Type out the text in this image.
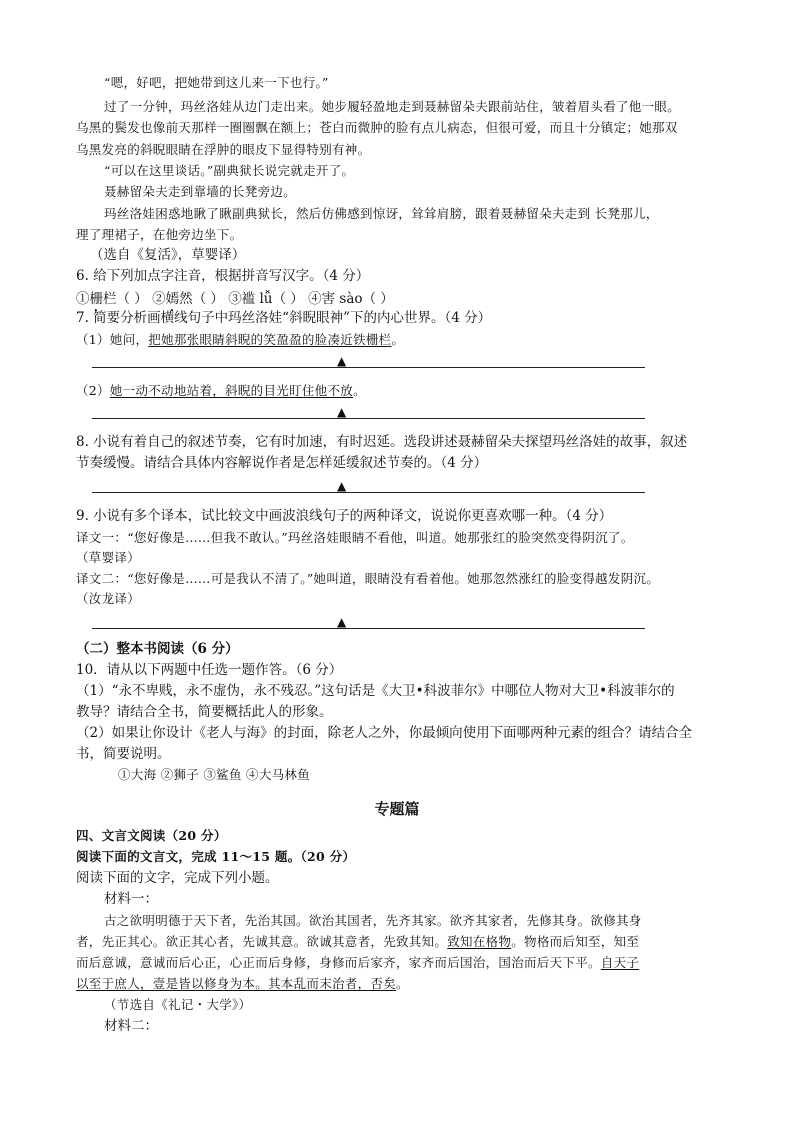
“嗯，好吧，把她带到这儿来一下也行。”
过了一分钟，玛丝洛娃从边门走出来。她步履轻盈地走到聂赫留朵夫跟前站住，皱着眉头看了他一眼。
乌黑的鬓发也像前天那样一圈圈飘在额上；苍白而微肿的脸有点儿病态，但很可爱，而且十分镇定；她那双
乌黑发亮的斜睨眼睛在浮肿的眼皮下显得特别有神。
“可以在这里谈话。”副典狱长说完就走开了。
聂赫留朵夫走到靠墙的长凳旁边。
玛丝洛娃困惑地瞅了瞅副典狱长，然后仿佛感到惊讶，耸耸肩膀，跟着聂赫留朵夫走到 长凳那儿，
理了理裙子，在他旁边坐下。
（选自《复活》，草婴译）
6. 给下列加点字注音，根据拼音写汉字。（4 分）
①栅栏（ ） ②嫣然（ ） ③褴 lǚ（ ） ④害 sào（ ）
7. 简要分析画横线句子中玛丝洛娃“斜睨眼神”下的内心世界。（4 分）
（1）她问，把她那张眼睛斜睨的笑盈盈的脸凑近铁栅栏。
▲
（2）她一动不动地站着，斜睨的目光盯住他不放。
▲
8. 小说有着自己的叙述节奏，它有时加速，有时迟延。选段讲述聂赫留朵夫探望玛丝洛娃的故事，叙述
节奏缓慢。请结合具体内容解说作者是怎样延缓叙述节奏的。（4 分）
▲
9. 小说有多个译本，试比较文中画波浪线句子的两种译文，说说你更喜欢哪一种。（4 分）
译文一：“您好像是……但我不敢认。”玛丝洛娃眼睛不看他，叫道。她那张红的脸突然变得阴沉了。
（草婴译）
译文二：“您好像是……可是我认不清了。”她叫道，眼睛没有看着他。她那忽然涨红的脸变得越发阴沉。
（汝龙译）
▲
（二）整本书阅读（6 分）
10．请从以下两题中任选一题作答。（6 分）
（1）“永不卑贱，永不虚伪，永不残忍。”这句话是《大卫•科波菲尔》中哪位人物对大卫•科波菲尔的
教导？请结合全书，简要概括此人的形象。
（2）如果让你设计《老人与海》的封面，除老人之外，你最倾向使用下面哪两种元素的组合？请结合全
书，简要说明。
①大海 ②狮子 ③鲨鱼 ④大马林鱼
专题篇
四、文言文阅读（20 分）
阅读下面的文言文，完成 11～15 题。（20 分）
阅读下面的文字，完成下列小题。
材料一：
古之欲明明德于天下者，先治其国。欲治其国者，先齐其家。欲齐其家者，先修其身。欲修其身
者，先正其心。欲正其心者，先诚其意。欲诚其意者，先致其知。致知在格物。物格而后知至，知至
而后意诚，意诚而后心正，心正而后身修，身修而后家齐，家齐而后国治，国治而后天下平。自天子
以至于庶人，壹是皆以修身为本。其本乱而末治者，否矣。
（节选自《礼记・大学》）
材料二：
